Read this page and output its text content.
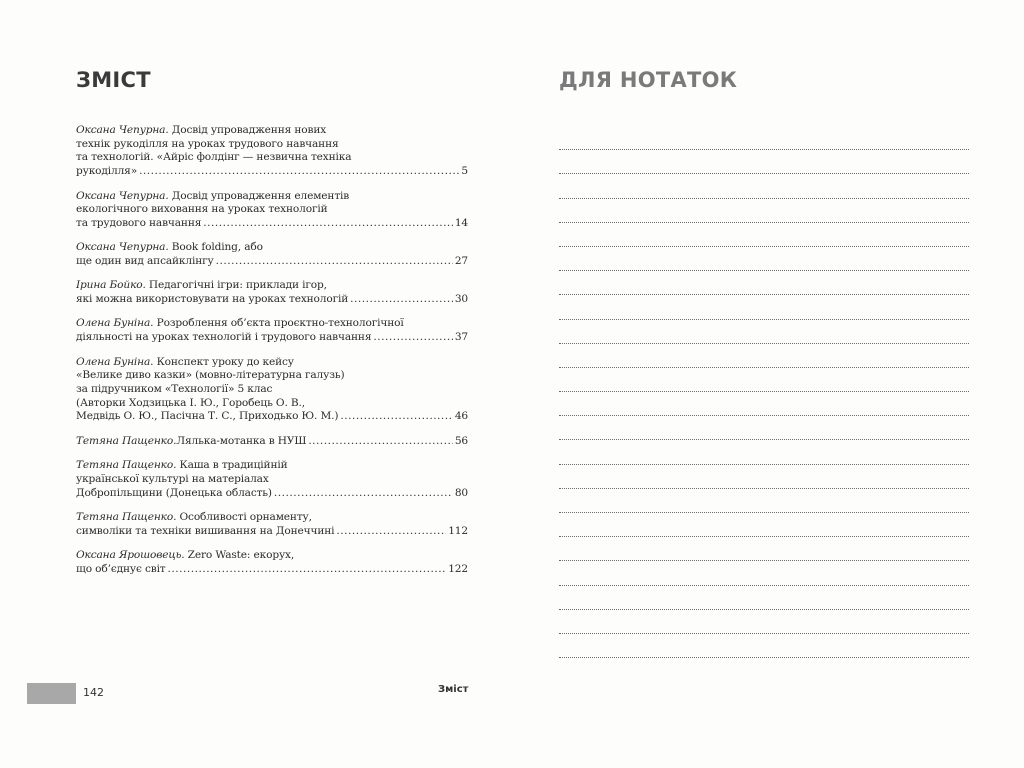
ЗМІСТ
Оксана Чепурна. Досвід упровадження нових
технік рукоділля на уроках трудового навчання
та технологій. «Айріс фолдінг — незвична техніка
рукоділля» .....	5
Оксана Чепурна. Досвід упровадження елементів
екологічного виховання на уроках технологій
та трудового навчання .....	14
Оксана Чепурна. Book folding, або
ще один вид апсайклінгу .....	27
Ірина Бойко. Педагогічні ігри: приклади ігор,
які можна використовувати на уроках технологій .....	30
Олена Буніна. Розроблення об’єкта проєктно-технологічної
діяльності на уроках технологій і трудового навчання .....	37
Олена Буніна. Конспект уроку до кейсу
«Велике диво казки» (мовно-літературна галузь)
за підручником «Технології» 5 клас
(Авторки Ходзицька І. Ю., Горобець О. В.,
Медвідь О. Ю., Пасічна Т. С., Приходько Ю. М.) .....	46
Тетяна Пащенко. Лялька-мотанка в НУШ .....	56
Тетяна Пащенко. Каша в традиційній
української культурі на матеріалах
Добропільщини (Донецька область) .....	80
Тетяна Пащенко. Особливості орнаменту,
символіки та техніки вишивання на Донеччині .....	112
Оксана Ярошовець. Zero Waste: екорух,
що об’єднує світ .....	122
142	Зміст
ДЛЯ НОТАТОК
